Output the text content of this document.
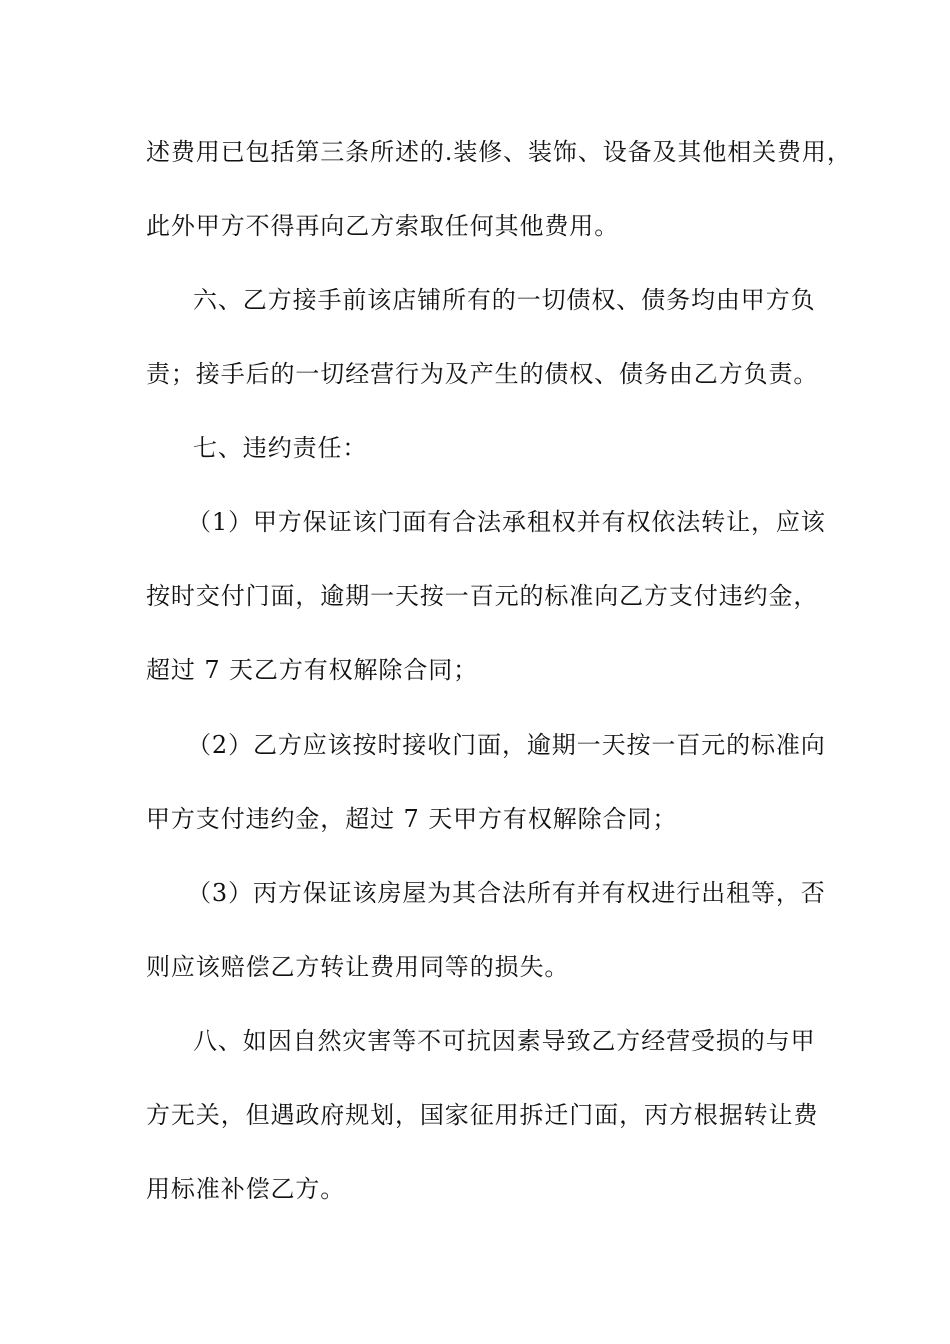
述费用已包括第三条所述的.装修、装饰、设备及其他相关费用，
此外甲方不得再向乙方索取任何其他费用。
六、乙方接手前该店铺所有的一切债权、债务均由甲方负
责；接手后的一切经营行为及产生的债权、债务由乙方负责。
七、违约责任：
（1）甲方保证该门面有合法承租权并有权依法转让，应该
按时交付门面，逾期一天按一百元的标准向乙方支付违约金，
超过 7 天乙方有权解除合同；
（2）乙方应该按时接收门面，逾期一天按一百元的标准向
甲方支付违约金，超过 7 天甲方有权解除合同；
（3）丙方保证该房屋为其合法所有并有权进行出租等，否
则应该赔偿乙方转让费用同等的损失。
八、如因自然灾害等不可抗因素导致乙方经营受损的与甲
方无关，但遇政府规划，国家征用拆迁门面，丙方根据转让费
用标准补偿乙方。
